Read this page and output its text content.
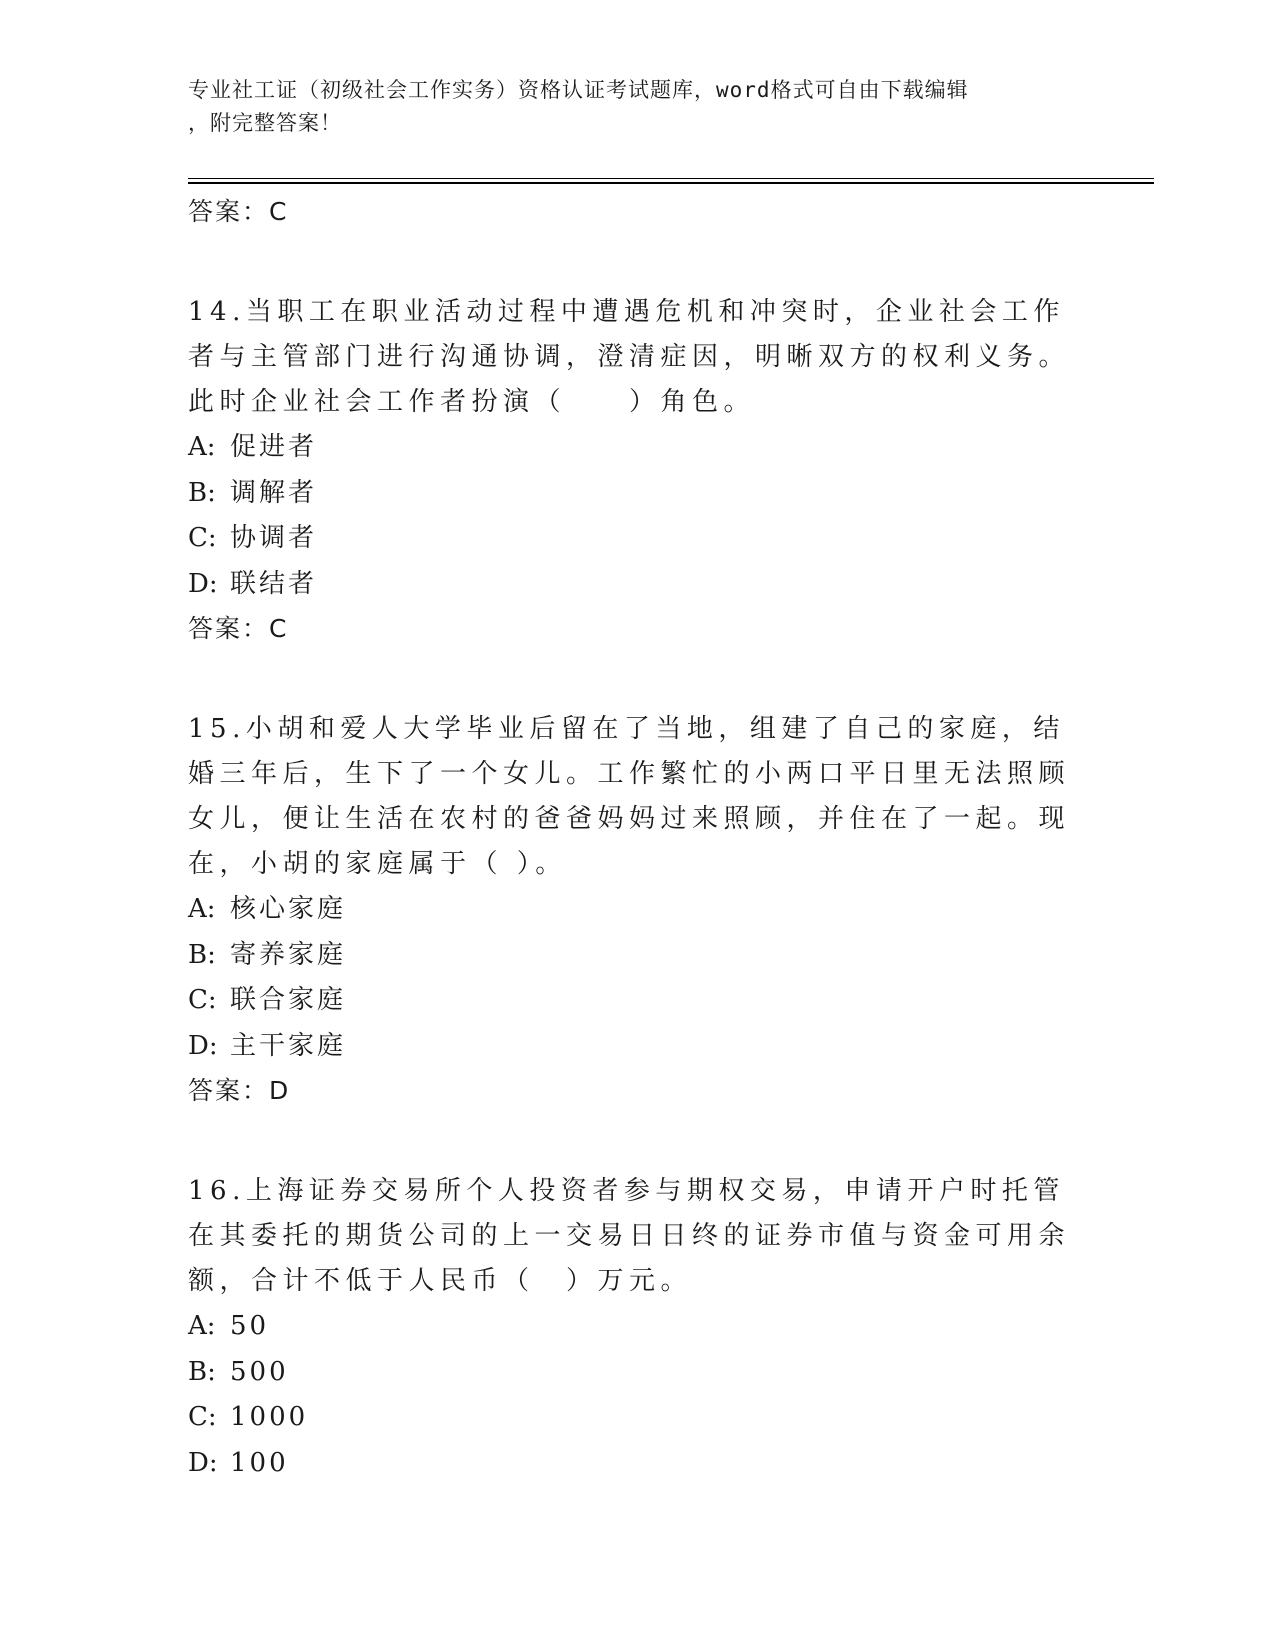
专业社工证（初级社会工作实务）资格认证考试题库，word格式可自由下载编辑
，附完整答案！

答案：C

14.当职工在职业活动过程中遭遇危机和冲突时，企业社会工作者与主管部门进行沟通协调，澄清症因，明晰双方的权利义务。此时企业社会工作者扮演（　　）角色。

A: 促进者
B: 调解者
C: 协调者
D: 联结者

答案：C

15.小胡和爱人大学毕业后留在了当地，组建了自己的家庭，结婚三年后，生下了一个女儿。工作繁忙的小两口平日里无法照顾女儿，便让生活在农村的爸爸妈妈过来照顾，并住在了一起。现在，小胡的家庭属于（ ）。

A: 核心家庭
B: 寄养家庭
C: 联合家庭
D: 主干家庭

答案：D

16.上海证券交易所个人投资者参与期权交易，申请开户时托管在其委托的期货公司的上一交易日日终的证券市值与资金可用余额，合计不低于人民币（　）万元。

A: 50
B: 500
C: 1000
D: 100
